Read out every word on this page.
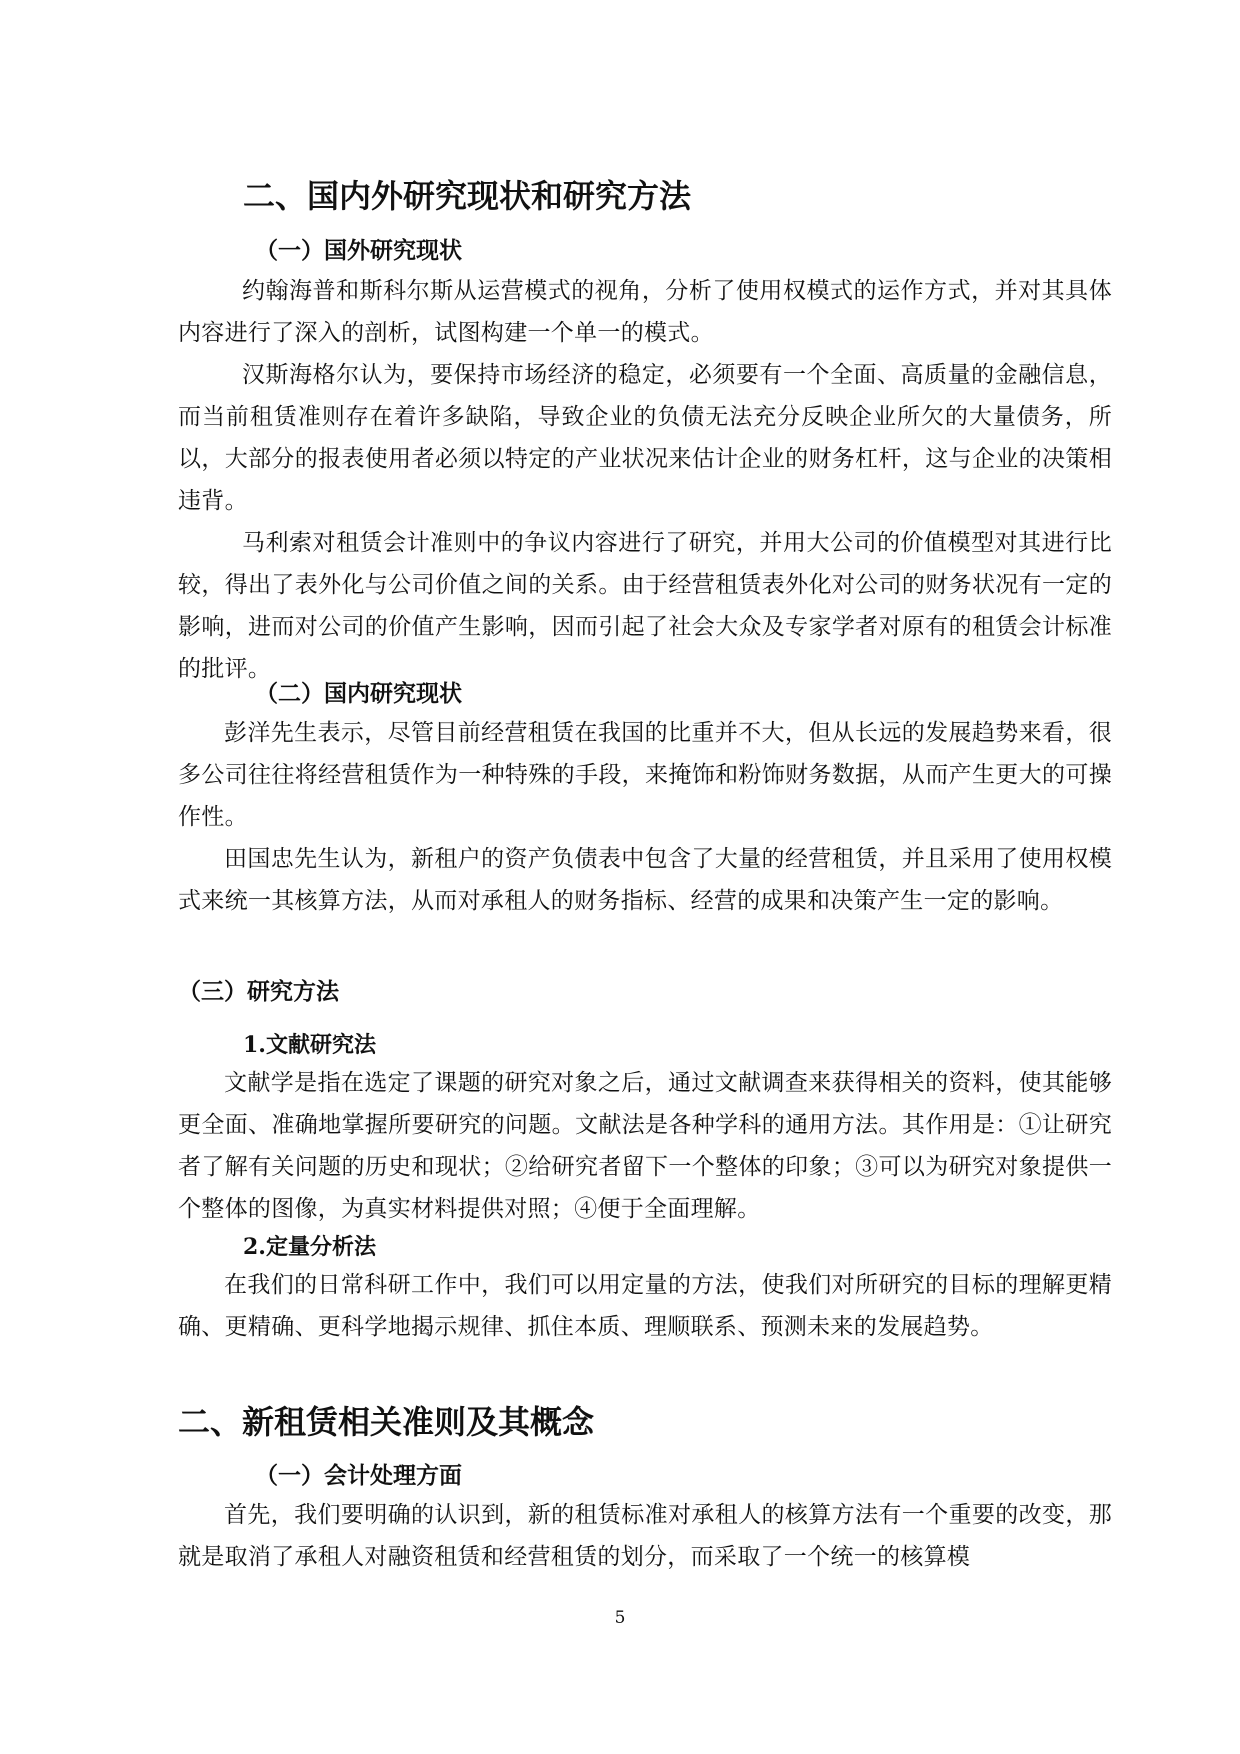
二、国内外研究现状和研究方法
（一）国外研究现状

约翰海普和斯科尔斯从运营模式的视角，分析了使用权模式的运作方式，并对其具体内容进行了深入的剖析，试图构建一个单一的模式。

汉斯海格尔认为，要保持市场经济的稳定，必须要有一个全面、高质量的金融信息，而当前租赁准则存在着许多缺陷，导致企业的负债无法充分反映企业所欠的大量债务，所以，大部分的报表使用者必须以特定的产业状况来估计企业的财务杠杆，这与企业的决策相违背。

马利索对租赁会计准则中的争议内容进行了研究，并用大公司的价值模型对其进行比较，得出了表外化与公司价值之间的关系。由于经营租赁表外化对公司的财务状况有一定的影响，进而对公司的价值产生影响，因而引起了社会大众及专家学者对原有的租赁会计标准的批评。

（二）国内研究现状

彭洋先生表示，尽管目前经营租赁在我国的比重并不大，但从长远的发展趋势来看，很多公司往往将经营租赁作为一种特殊的手段，来掩饰和粉饰财务数据，从而产生更大的可操作性。

田国忠先生认为，新租户的资产负债表中包含了大量的经营租赁，并且采用了使用权模式来统一其核算方法，从而对承租人的财务指标、经营的成果和决策产生一定的影响。

（三）研究方法
1.文献研究法

文献学是指在选定了课题的研究对象之后，通过文献调查来获得相关的资料，使其能够更全面、准确地掌握所要研究的问题。文献法是各种学科的通用方法。其作用是：①让研究者了解有关问题的历史和现状；②给研究者留下一个整体的印象；③可以为研究对象提供一个整体的图像，为真实材料提供对照；④便于全面理解。

2.定量分析法

在我们的日常科研工作中，我们可以用定量的方法，使我们对所研究的目标的理解更精确、更精确、更科学地揭示规律、抓住本质、理顺联系、预测未来的发展趋势。

二、新租赁相关准则及其概念
（一）会计处理方面

首先，我们要明确的认识到，新的租赁标准对承租人的核算方法有一个重要的改变，那就是取消了承租人对融资租赁和经营租赁的划分，而采取了一个统一的核算模

5
